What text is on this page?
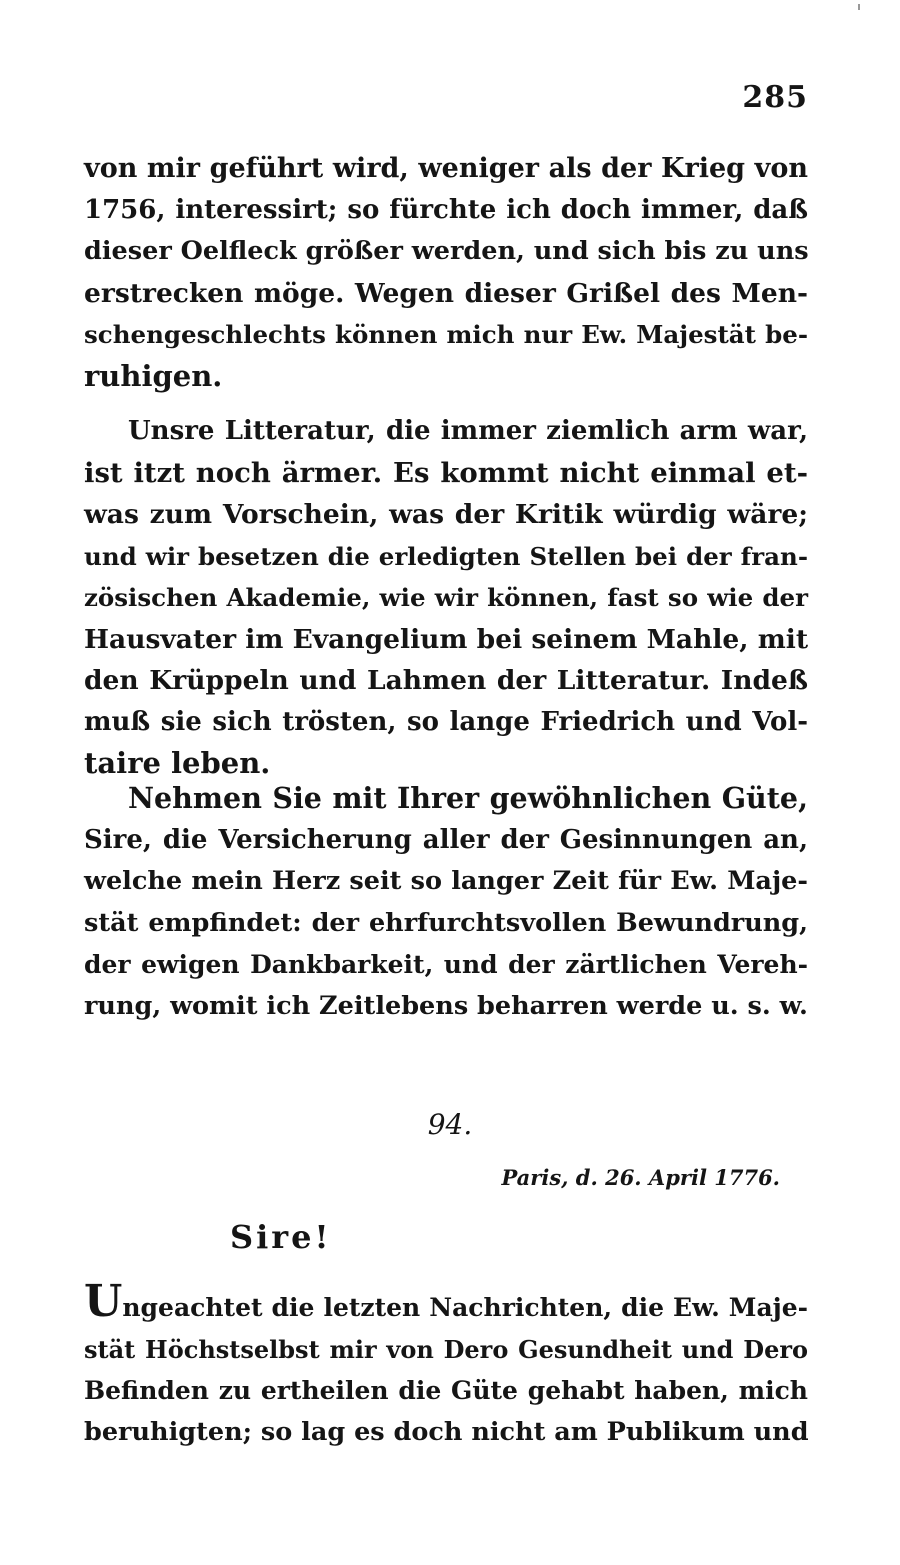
285
von mir geführt wird, weniger als der Krieg von
1756, interessirt; so fürchte ich doch immer, daß
dieser Oelfleck größer werden, und sich bis zu uns
erstrecken möge. Wegen dieser Grißel des Men-
schengeschlechts können mich nur Ew. Majestät be-
ruhigen.
Unsre Litteratur, die immer ziemlich arm war,
ist itzt noch ärmer. Es kommt nicht einmal et-
was zum Vorschein, was der Kritik würdig wäre;
und wir besetzen die erledigten Stellen bei der fran-
zösischen Akademie, wie wir können, fast so wie der
Hausvater im Evangelium bei seinem Mahle, mit
den Krüppeln und Lahmen der Litteratur. Indeß
muß sie sich trösten, so lange Friedrich und Vol-
taire leben.
Nehmen Sie mit Ihrer gewöhnlichen Güte,
Sire, die Versicherung aller der Gesinnungen an,
welche mein Herz seit so langer Zeit für Ew. Maje-
stät empfindet: der ehrfurchtsvollen Bewundrung,
der ewigen Dankbarkeit, und der zärtlichen Vereh-
rung, womit ich Zeitlebens beharren werde u. s. w.
94.
Paris, d. 26. April 1776.
Sire!
Ungeachtet die letzten Nachrichten, die Ew. Maje-
stät Höchstselbst mir von Dero Gesundheit und Dero
Befinden zu ertheilen die Güte gehabt haben, mich
beruhigten; so lag es doch nicht am Publikum und
